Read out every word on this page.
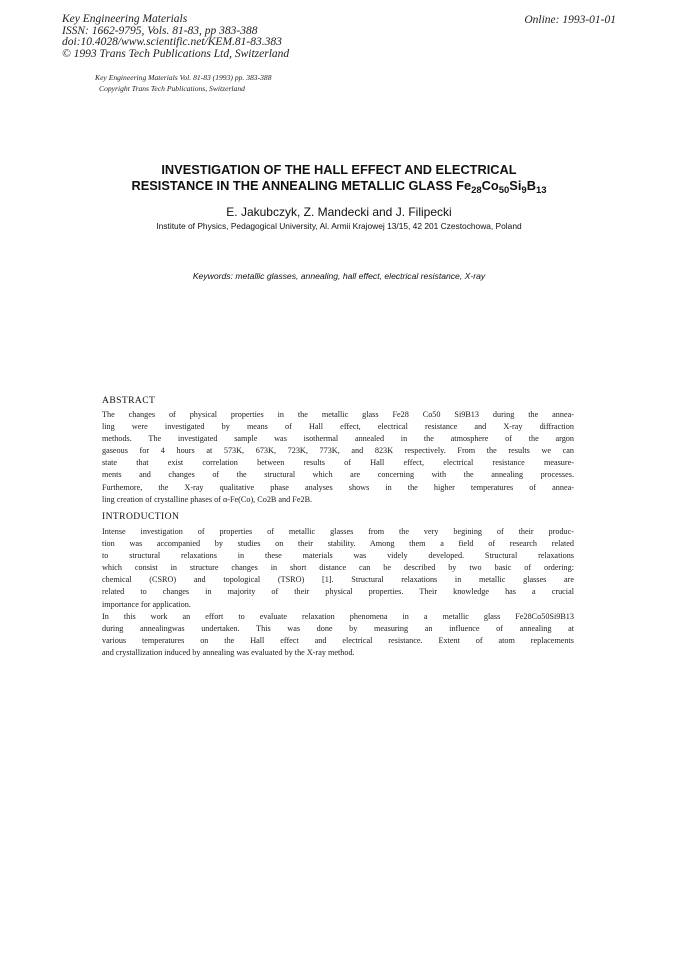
Key Engineering Materials
ISSN: 1662-9795, Vols. 81-83, pp 383-388
doi:10.4028/www.scientific.net/KEM.81-83.383
© 1993 Trans Tech Publications Ltd, Switzerland
Online: 1993-01-01
Key Engineering Materials Vol. 81-83 (1993) pp. 383-388
Copyright Trans Tech Publications, Switzerland
INVESTIGATION OF THE HALL EFFECT AND ELECTRICAL
RESISTANCE IN THE ANNEALING METALLIC GLASS $Fe_{28}Co_{50}Si_9B_{13}$
E. Jakubczyk, Z. Mandecki and J. Filipecki
Institute of Physics, Pedagogical University, Al. Armii Krajowej 13/15, 42 201 Czestochowa, Poland
Keywords: metallic glasses, annealing, hall effect, electrical resistance, X-ray
ABSTRACT
The changes of physical properties in the metallic glass Fe28 Co50 Si9B13 during the annea-
ling were investigated by means of Hall effect, electrical resistance and X-ray diffraction
methods. The investigated sample was isothermal annealed in the atmosphere of the argon
gaseous for 4 hours at 573K, 673K, 723K, 773K, and 823K respectively. From the results we can
state that exist correlation between results of Hall effect, electrical resistance measure-
ments and changes of the structural which are concerning with the annealing processes.
Furthemore, the X-ray qualitative phase analyses shows in the higher temperatures of annea-
ling creation of crystalline phases of α-Fe(Co), Co2B and Fe2B.
INTRODUCTION
Intense investigation of properties of metallic glasses from the very begining of their produc-
tion was accompanied by studies on their stability. Among them a field of research related
to structural relaxations in these materials was videly developed. Structural relaxations
which consist in structure changes in short distance can be described by two basic of ordering:
chemical (CSRO) and topological (TSRO) [1]. Structural relaxations in metallic glasses are
related to changes in majority of their physical properties. Their knowledge has a crucial
importance for application.
In this work an effort to evaluate relaxation phenomena in a metallic glass Fe28Co50Si9B13
during annealingwas undertaken. This was done by measuring an influence of annealing at
various temperatures on the Hall effect and electrical resistance. Extent of atom replacements
and crystallization induced by annealing was evaluated by the X-ray method.
